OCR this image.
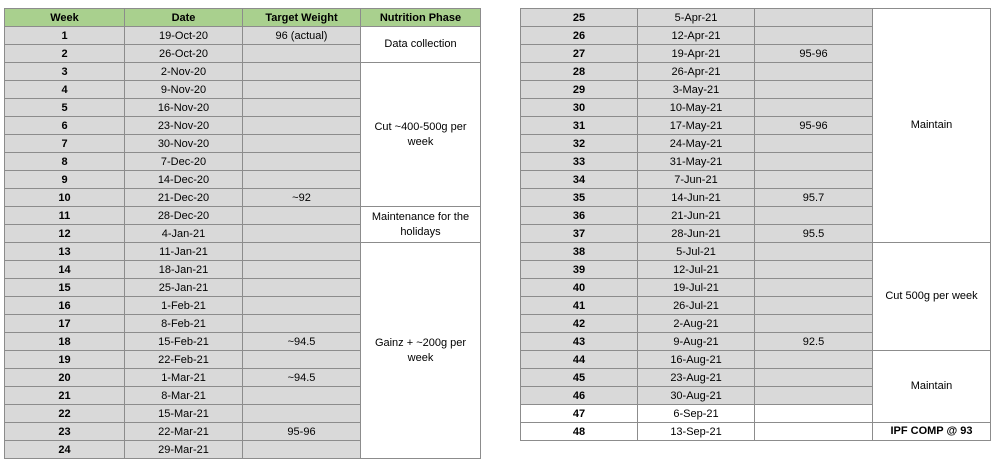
Week	Date	Target Weight	Nutrition Phase
1	19-Oct-20	96 (actual)	Data collection
2	26-Oct-20		
3	2-Nov-20		Cut ~400-500g per week
4	9-Nov-20		
5	16-Nov-20		
6	23-Nov-20		
7	30-Nov-20		
8	7-Dec-20		
9	14-Dec-20		
10	21-Dec-20	~92	
11	28-Dec-20		Maintenance for the holidays
12	4-Jan-21		
13	11-Jan-21		Gainz + ~200g per week
14	18-Jan-21		
15	25-Jan-21		
16	1-Feb-21		
17	8-Feb-21		
18	15-Feb-21	~94.5	
19	22-Feb-21		
20	1-Mar-21	~94.5	
21	8-Mar-21		
22	15-Mar-21		
23	22-Mar-21	95-96	
24	29-Mar-21		
25	5-Apr-21		Maintain
26	12-Apr-21		
27	19-Apr-21	95-96	
28	26-Apr-21		
29	3-May-21		
30	10-May-21		
31	17-May-21	95-96	
32	24-May-21		
33	31-May-21		
34	7-Jun-21		
35	14-Jun-21	95.7	
36	21-Jun-21		
37	28-Jun-21	95.5	
38	5-Jul-21		Cut 500g per week
39	12-Jul-21		
40	19-Jul-21		
41	26-Jul-21		
42	2-Aug-21		
43	9-Aug-21	92.5	
44	16-Aug-21		Maintain
45	23-Aug-21		
46	30-Aug-21		
47	6-Sep-21		
48	13-Sep-21		IPF COMP @ 93
